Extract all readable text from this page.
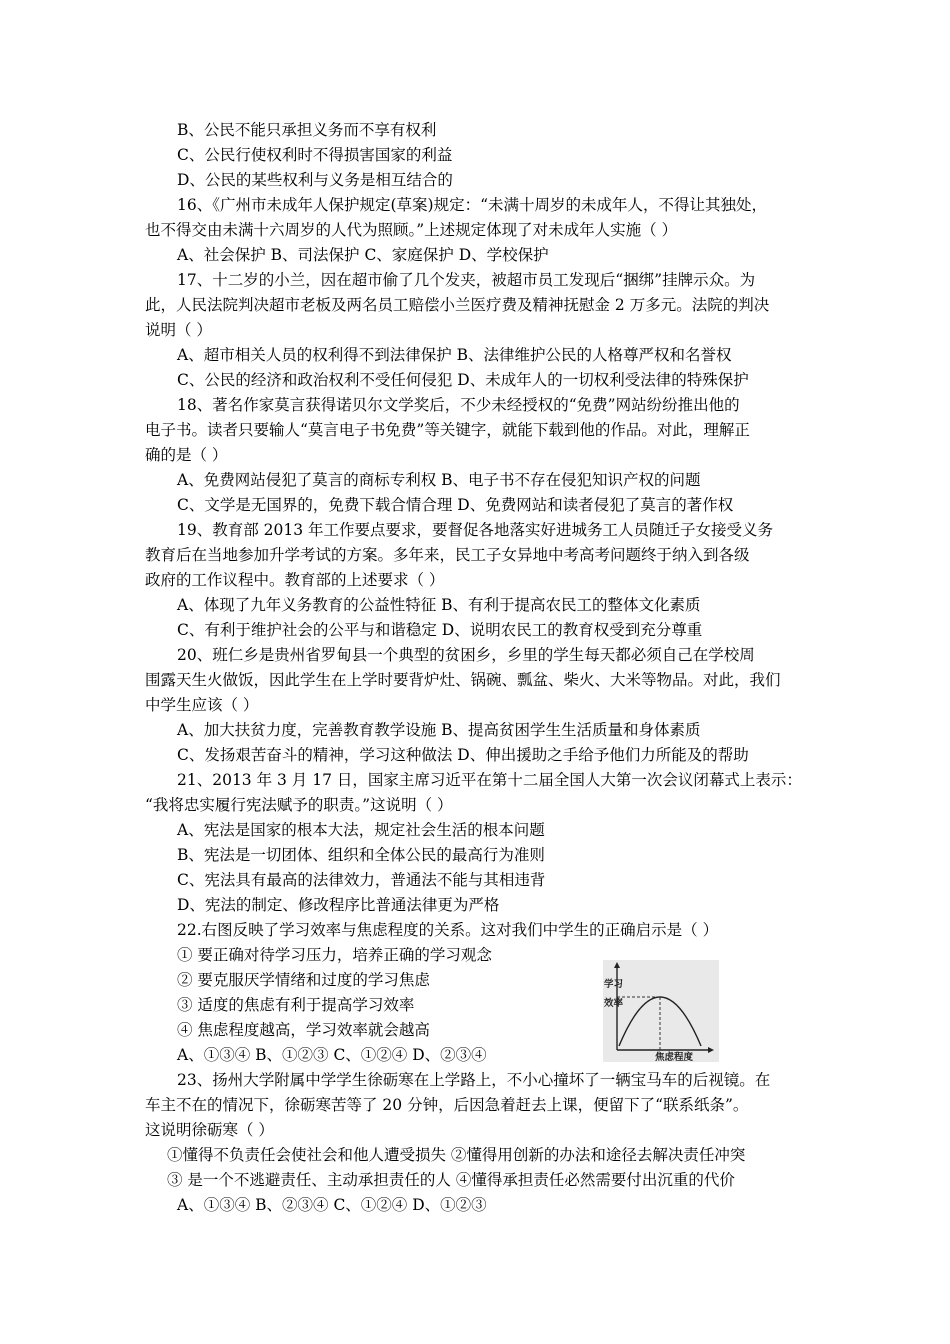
B、公民不能只承担义务而不享有权利
C、公民行使权利时不得损害国家的利益
D、公民的某些权利与义务是相互结合的
16、《广州市未成年人保护规定(草案)规定：“未满十周岁的未成年人，不得让其独处，
也不得交由未满十六周岁的人代为照顾。”上述规定体现了对未成年人实施（ ）
A、社会保护 B、司法保护 C、家庭保护 D、学校保护
17、十二岁的小兰，因在超市偷了几个发夹，被超市员工发现后“捆绑”挂牌示众。为
此，人民法院判决超市老板及两名员工赔偿小兰医疗费及精神抚慰金 2 万多元。法院的判决
说明（ ）
A、超市相关人员的权利得不到法律保护 B、法律维护公民的人格尊严权和名誉权
C、公民的经济和政治权利不受任何侵犯 D、未成年人的一切权利受法律的特殊保护
18、著名作家莫言获得诺贝尔文学奖后，不少未经授权的“免费”网站纷纷推出他的
电子书。读者只要输人“莫言电子书免费”等关键字，就能下载到他的作品。对此，理解正
确的是（ ）
A、免费网站侵犯了莫言的商标专利权 B、电子书不存在侵犯知识产权的问题
C、文学是无国界的，免费下载合情合理 D、免费网站和读者侵犯了莫言的著作权
19、教育部 2013 年工作要点要求，要督促各地落实好进城务工人员随迁子女接受义务
教育后在当地参加升学考试的方案。多年来，民工子女异地中考高考问题终于纳入到各级
政府的工作议程中。教育部的上述要求（ ）
A、体现了九年义务教育的公益性特征 B、有利于提高农民工的整体文化素质
C、有利于维护社会的公平与和谐稳定 D、说明农民工的教育权受到充分尊重
20、班仁乡是贵州省罗甸县一个典型的贫困乡，乡里的学生每天都必须自己在学校周
围露天生火做饭，因此学生在上学时要背炉灶、锅碗、瓢盆、柴火、大米等物品。对此，我们
中学生应该（ ）
A、加大扶贫力度，完善教育教学设施 B、提高贫困学生生活质量和身体素质
C、发扬艰苦奋斗的精神，学习这种做法 D、伸出援助之手给予他们力所能及的帮助
21、2013 年 3 月 17 日，国家主席习近平在第十二届全国人大第一次会议闭幕式上表示：
“我将忠实履行宪法赋予的职责。”这说明（ ）
A、宪法是国家的根本大法，规定社会生活的根本问题
B、宪法是一切团体、组织和全体公民的最高行为准则
C、宪法具有最高的法律效力，普通法不能与其相违背
D、宪法的制定、修改程序比普通法律更为严格
22.右图反映了学习效率与焦虑程度的关系。这对我们中学生的正确启示是（ ）
① 要正确对待学习压力，培养正确的学习观念
② 要克服厌学情绪和过度的学习焦虑
③ 适度的焦虑有利于提高学习效率
④ 焦虑程度越高，学习效率就会越高
A、①③④ B、①②③ C、①②④ D、②③④
23、扬州大学附属中学学生徐砺寒在上学路上，不小心撞坏了一辆宝马车的后视镜。在
车主不在的情况下，徐砺寒苦等了 20 分钟，后因急着赶去上课，便留下了“联系纸条”。
这说明徐砺寒（ ）
①懂得不负责任会使社会和他人遭受损失 ②懂得用创新的办法和途径去解决责任冲突
③ 是一个不逃避责任、主动承担责任的人 ④懂得承担责任必然需要付出沉重的代价
A、①③④ B、②③④ C、①②④ D、①②③
学习
效率
焦虑程度
